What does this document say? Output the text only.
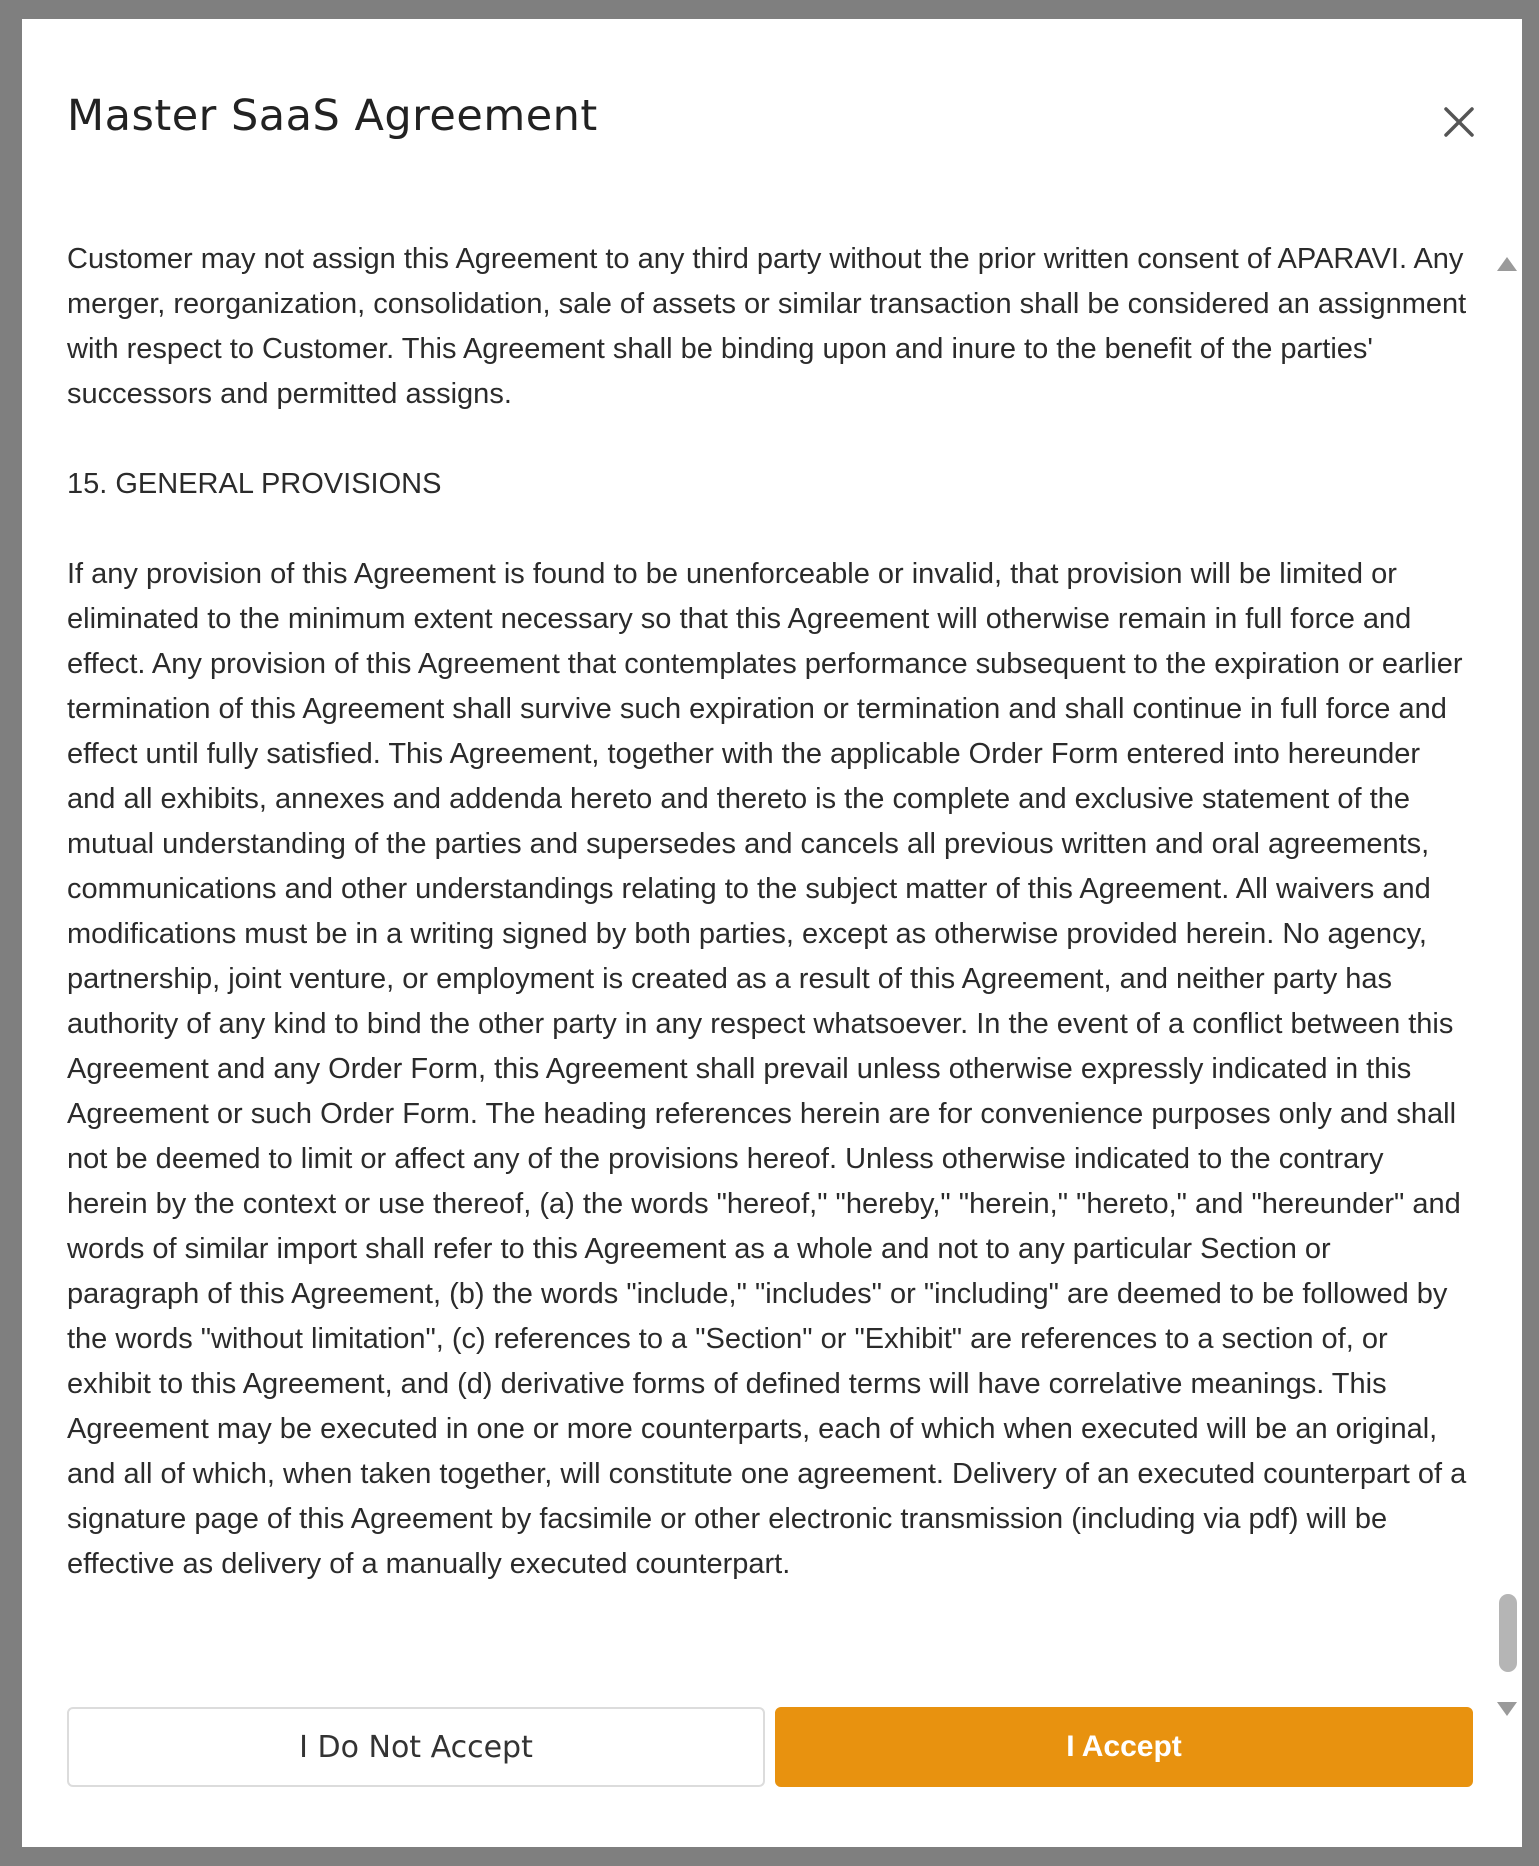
Master SaaS Agreement

Customer may not assign this Agreement to any third party without the prior written consent of APARAVI. Any merger, reorganization, consolidation, sale of assets or similar transaction shall be considered an assignment with respect to Customer. This Agreement shall be binding upon and inure to the benefit of the parties' successors and permitted assigns.

15. GENERAL PROVISIONS

If any provision of this Agreement is found to be unenforceable or invalid, that provision will be limited or eliminated to the minimum extent necessary so that this Agreement will otherwise remain in full force and effect. Any provision of this Agreement that contemplates performance subsequent to the expiration or earlier termination of this Agreement shall survive such expiration or termination and shall continue in full force and effect until fully satisfied. This Agreement, together with the applicable Order Form entered into hereunder and all exhibits, annexes and addenda hereto and thereto is the complete and exclusive statement of the mutual understanding of the parties and supersedes and cancels all previous written and oral agreements, communications and other understandings relating to the subject matter of this Agreement. All waivers and modifications must be in a writing signed by both parties, except as otherwise provided herein. No agency, partnership, joint venture, or employment is created as a result of this Agreement, and neither party has authority of any kind to bind the other party in any respect whatsoever. In the event of a conflict between this Agreement and any Order Form, this Agreement shall prevail unless otherwise expressly indicated in this Agreement or such Order Form. The heading references herein are for convenience purposes only and shall not be deemed to limit or affect any of the provisions hereof. Unless otherwise indicated to the contrary herein by the context or use thereof, (a) the words "hereof," "hereby," "herein," "hereto," and "hereunder" and words of similar import shall refer to this Agreement as a whole and not to any particular Section or paragraph of this Agreement, (b) the words "include," "includes" or "including" are deemed to be followed by the words "without limitation", (c) references to a "Section" or "Exhibit" are references to a section of, or exhibit to this Agreement, and (d) derivative forms of defined terms will have correlative meanings. This Agreement may be executed in one or more counterparts, each of which when executed will be an original, and all of which, when taken together, will constitute one agreement. Delivery of an executed counterpart of a signature page of this Agreement by facsimile or other electronic transmission (including via pdf) will be effective as delivery of a manually executed counterpart.

I Do Not Accept	I Accept
